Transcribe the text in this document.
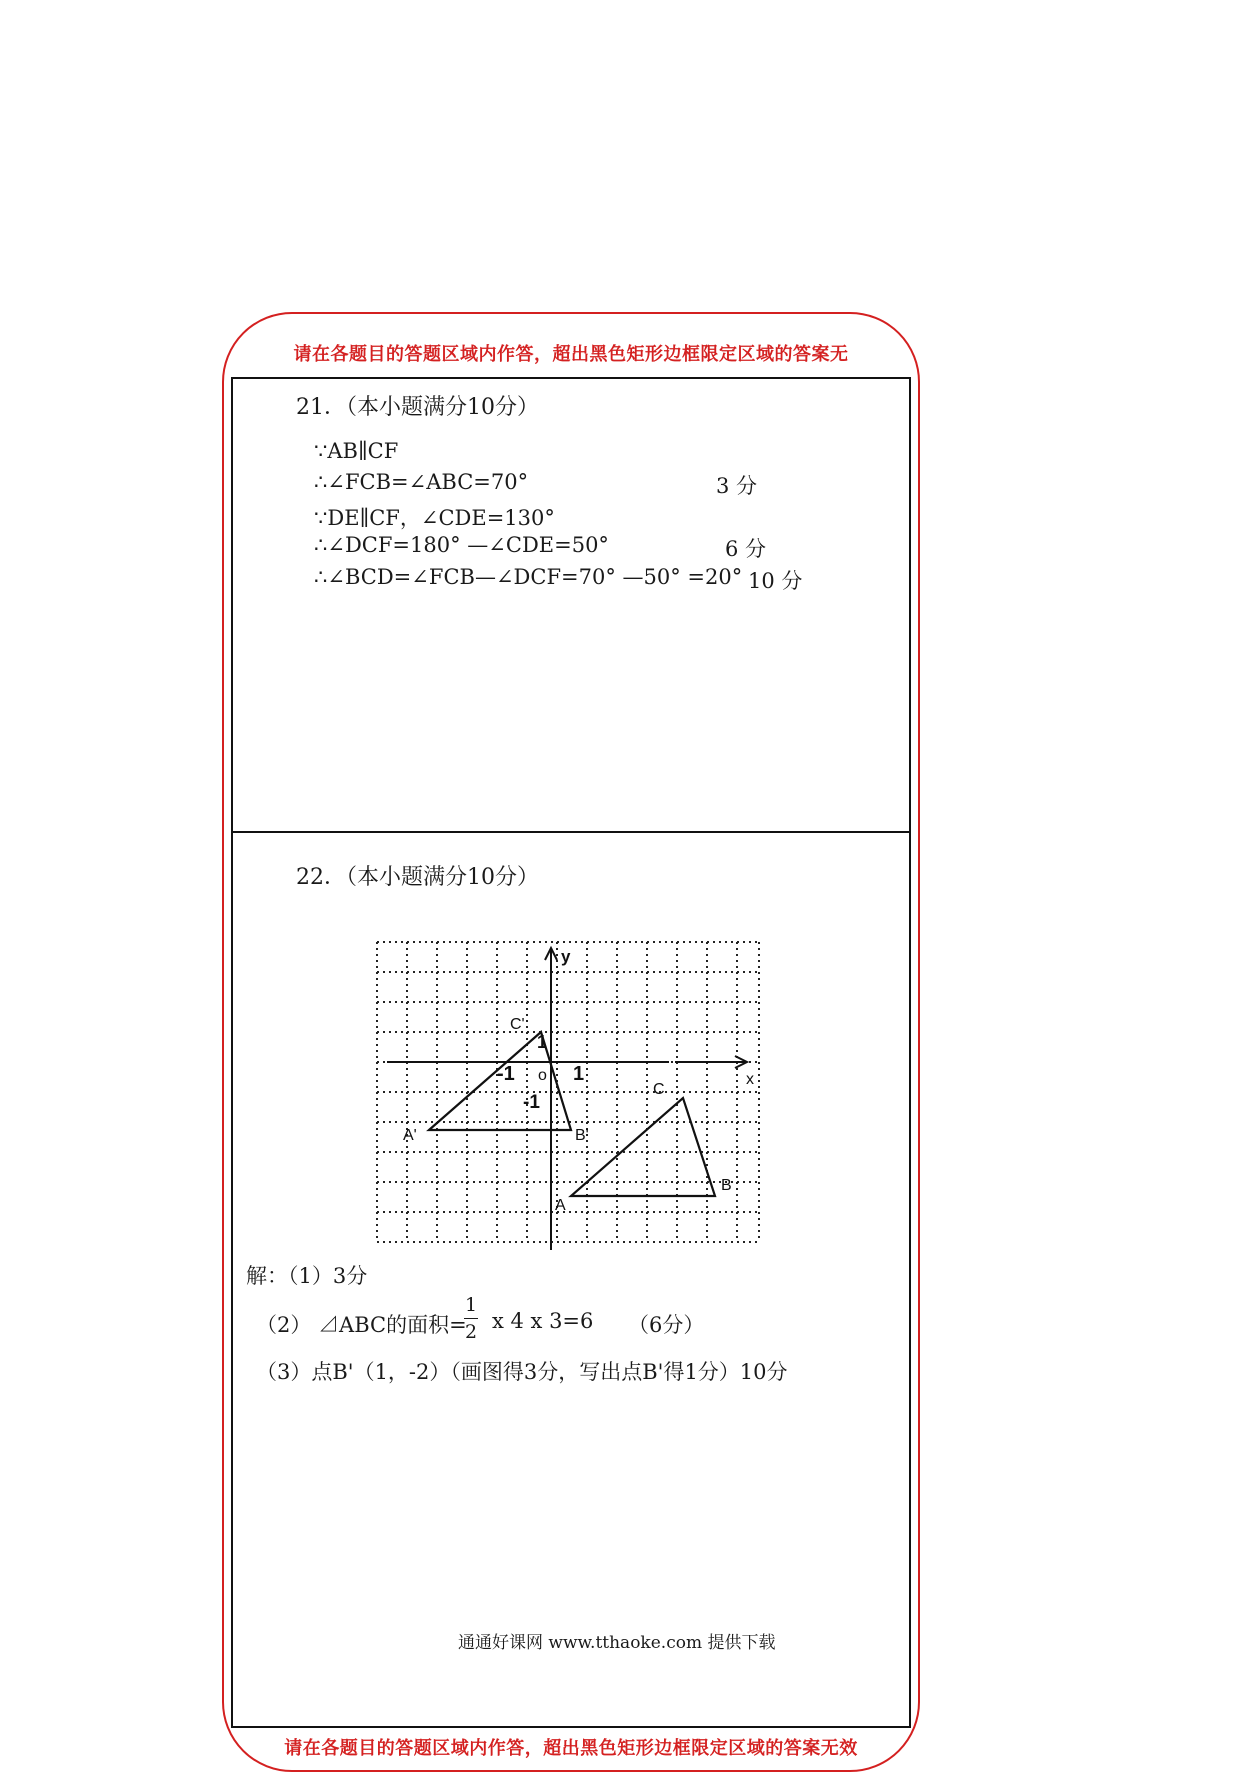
请在各题目的答题区域内作答，超出黑色矩形边框限定区域的答案无
请在各题目的答题区域内作答，超出黑色矩形边框限定区域的答案无效
21．（本小题满分10分）
∵AB∥CF
∴∠FCB=∠ABC=70°	3 分
∵DE∥CF，∠CDE=130°
∴∠DCF=180° —∠CDE=50°	6 分
∴∠BCD=∠FCB—∠DCF=70° —50° =20° 10 分
22．（本小题满分10分）
y
x
o
-1	1
-1
1
C'
A'	B'
A
B
C
解：（1）3分
（2） ⊿ABC的面积=
1
2 x 4 x 3=6 （6分）
（3）点B'（1，-2）（画图得3分，写出点B'得1分）10分
通通好课网 www.tthaoke.com 提供下载
